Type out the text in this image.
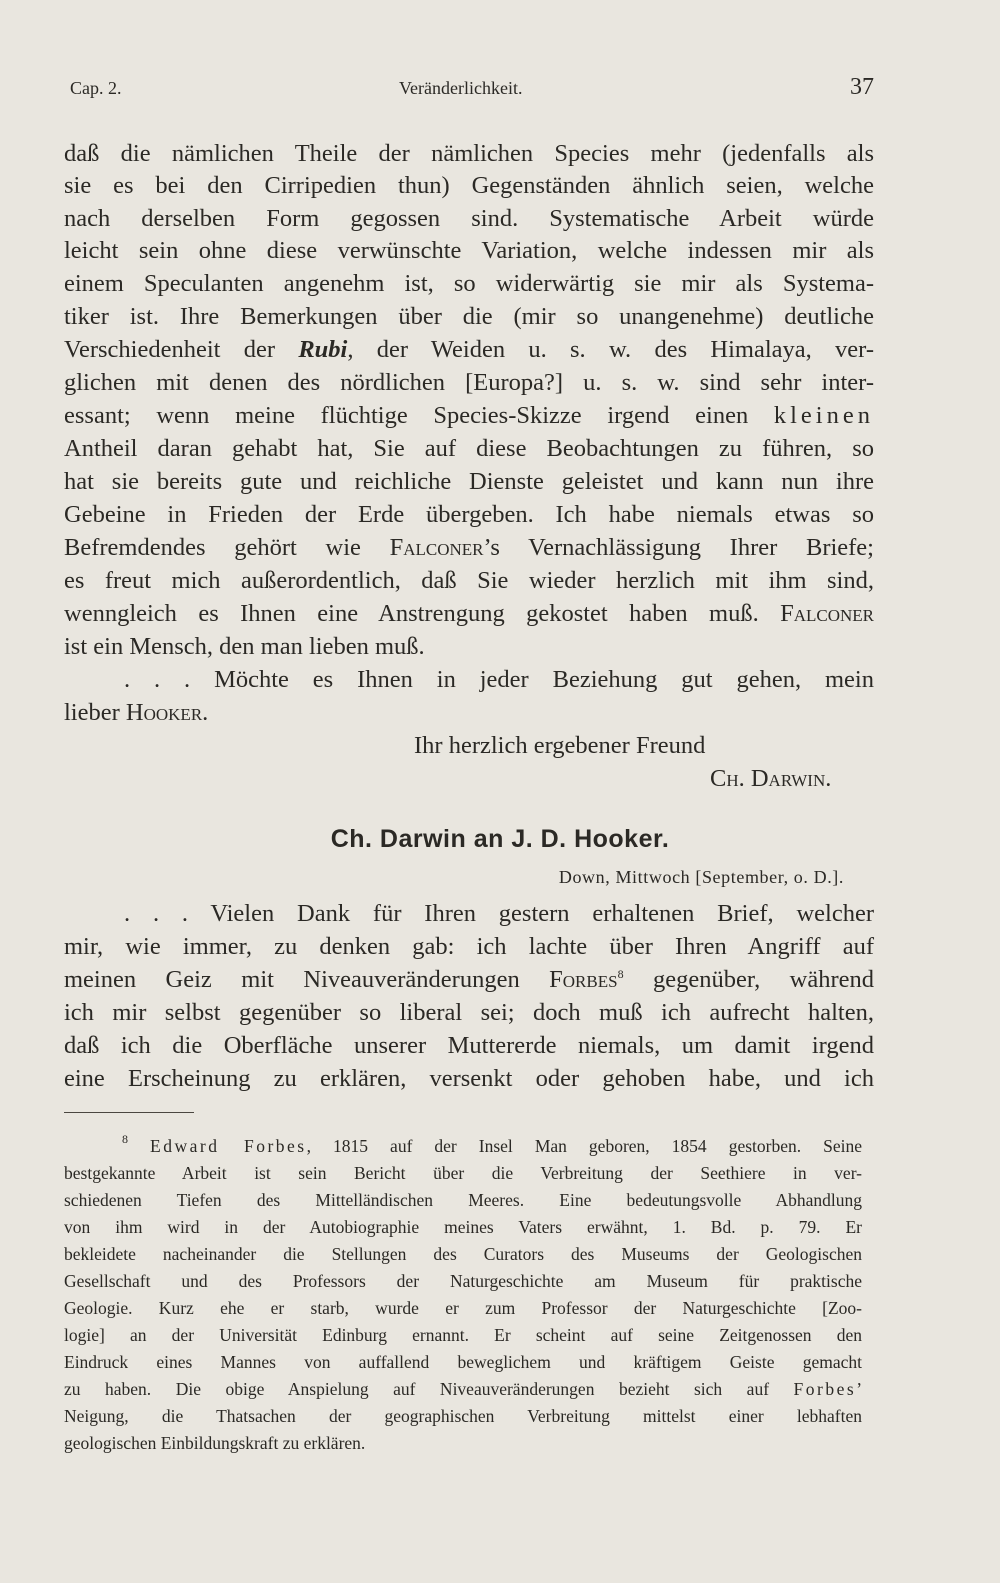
Cap. 2.	Veränderlichkeit.	37
daß die nämlichen Theile der nämlichen Species mehr (jedenfalls als
sie es bei den Cirripedien thun) Gegenständen ähnlich seien, welche
nach derselben Form gegossen sind. Systematische Arbeit würde
leicht sein ohne diese verwünschte Variation, welche indessen mir als
einem Speculanten angenehm ist, so widerwärtig sie mir als Systema-
tiker ist. Ihre Bemerkungen über die (mir so unangenehme) deutliche
Verschiedenheit der Rubi, der Weiden u. s. w. des Himalaya, ver-
glichen mit denen des nördlichen [Europa?] u. s. w. sind sehr inter-
essant; wenn meine flüchtige Species-Skizze irgend einen kleinen
Antheil daran gehabt hat, Sie auf diese Beobachtungen zu führen, so
hat sie bereits gute und reichliche Dienste geleistet und kann nun ihre
Gebeine in Frieden der Erde übergeben. Ich habe niemals etwas so
Befremdendes gehört wie Falconer’s Vernachlässigung Ihrer Briefe;
es freut mich außerordentlich, daß Sie wieder herzlich mit ihm sind,
wenngleich es Ihnen eine Anstrengung gekostet haben muß. Falconer
ist ein Mensch, den man lieben muß.
. . . Möchte es Ihnen in jeder Beziehung gut gehen, mein
lieber Hooker.
Ihr herzlich ergebener Freund
Ch. Darwin.
Ch. Darwin an J. D. Hooker.
Down, Mittwoch [September, o. D.].
. . . Vielen Dank für Ihren gestern erhaltenen Brief, welcher
mir, wie immer, zu denken gab: ich lachte über Ihren Angriff auf
meinen Geiz mit Niveauveränderungen Forbes$^8$ gegenüber, während
ich mir selbst gegenüber so liberal sei; doch muß ich aufrecht halten,
daß ich die Oberfläche unserer Muttererde niemals, um damit irgend
eine Erscheinung zu erklären, versenkt oder gehoben habe, und ich
$^8$ Edward Forbes, 1815 auf der Insel Man geboren, 1854 gestorben. Seine
bestgekannte Arbeit ist sein Bericht über die Verbreitung der Seethiere in ver-
schiedenen Tiefen des Mittelländischen Meeres. Eine bedeutungsvolle Abhandlung
von ihm wird in der Autobiographie meines Vaters erwähnt, 1. Bd. p. 79. Er
bekleidete nacheinander die Stellungen des Curators des Museums der Geologischen
Gesellschaft und des Professors der Naturgeschichte am Museum für praktische
Geologie. Kurz ehe er starb, wurde er zum Professor der Naturgeschichte [Zoo-
logie] an der Universität Edinburg ernannt. Er scheint auf seine Zeitgenossen den
Eindruck eines Mannes von auffallend beweglichem und kräftigem Geiste gemacht
zu haben. Die obige Anspielung auf Niveauveränderungen bezieht sich auf Forbes’
Neigung, die Thatsachen der geographischen Verbreitung mittelst einer lebhaften
geologischen Einbildungskraft zu erklären.
